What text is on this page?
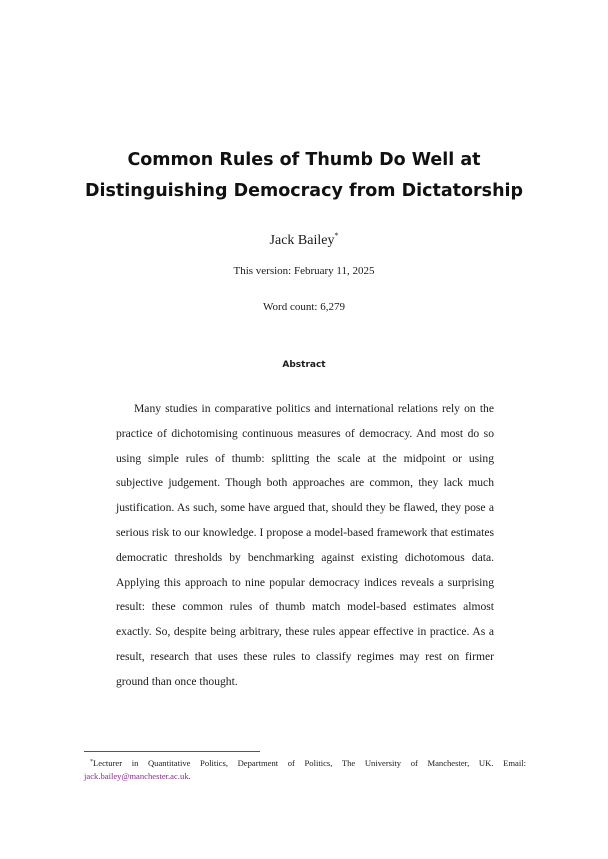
Common Rules of Thumb Do Well at
Distinguishing Democracy from Dictatorship
Jack Bailey*
This version: February 11, 2025
Word count: 6,279
Abstract

Many studies in comparative politics and international relations rely on the practice of dichotomising continuous measures of democracy. And most do so using simple rules of thumb: splitting the scale at the midpoint or using subjective judgement. Though both approaches are common, they lack much justification. As such, some have argued that, should they be flawed, they pose a serious risk to our knowledge. I propose a model-based framework that estimates democratic thresholds by benchmarking against existing dichotomous data. Applying this approach to nine popular democracy indices reveals a surprising result: these common rules of thumb match model-based estimates almost exactly. So, despite being arbitrary, these rules appear effective in practice. As a result, research that uses these rules to classify regimes may rest on firmer ground than once thought.

*Lecturer in Quantitative Politics, Department of Politics, The University of Manchester, UK. Email: jack.bailey@manchester.ac.uk.
